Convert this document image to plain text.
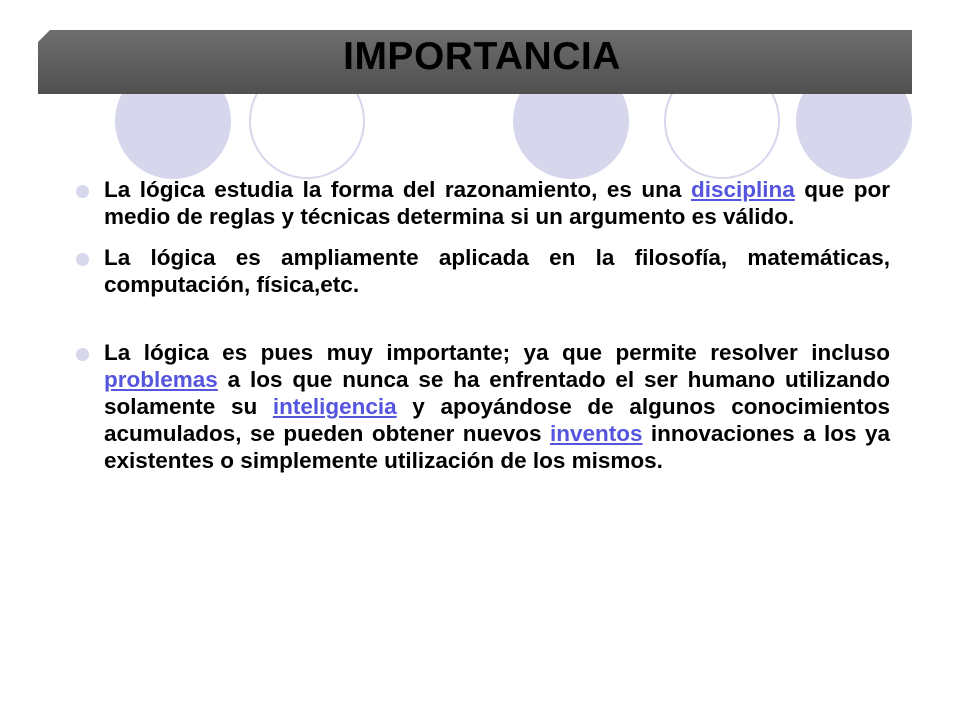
IMPORTANCIA
La lógica estudia la forma del razonamiento, es una disciplina que por medio de reglas y técnicas determina si un argumento es válido.
La lógica es ampliamente aplicada en la filosofía, matemáticas, computación, física,etc.
La lógica es pues muy importante; ya que permite resolver incluso problemas a los que nunca se ha enfrentado el ser humano utilizando solamente su inteligencia y apoyándose de algunos conocimientos acumulados, se pueden obtener nuevos inventos innovaciones a los ya existentes o simplemente utilización de los mismos.
